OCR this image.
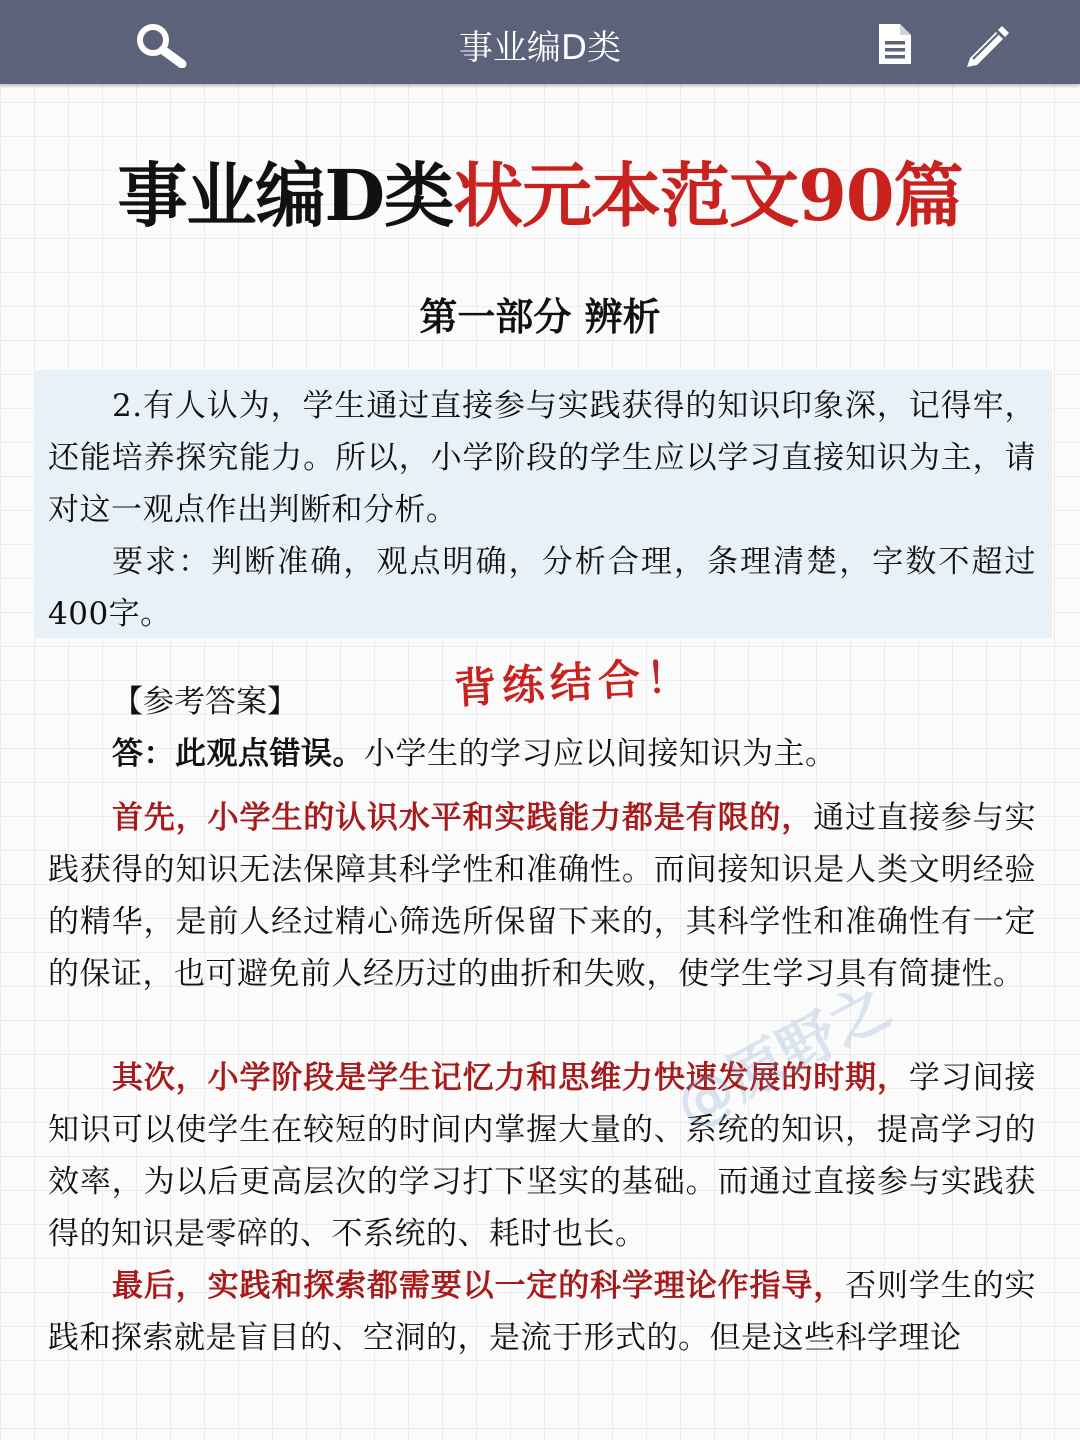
事业编D类
事业编D类状元本范文90篇
第一部分 辨析
2.有人认为，学生通过直接参与实践获得的知识印象深，记得牢，还能培养探究能力。所以，小学阶段的学生应以学习直接知识为主，请对这一观点作出判断和分析。
要求：判断准确，观点明确，分析合理，条理清楚，字数不超过400字。
【参考答案】	背练结合！
答：此观点错误。小学生的学习应以间接知识为主。
首先，小学生的认识水平和实践能力都是有限的，通过直接参与实践获得的知识无法保障其科学性和准确性。而间接知识是人类文明经验的精华，是前人经过精心筛选所保留下来的，其科学性和准确性有一定的保证，也可避免前人经历过的曲折和失败，使学生学习具有简捷性。
其次，小学阶段是学生记忆力和思维力快速发展的时期，学习间接知识可以使学生在较短的时间内掌握大量的、系统的知识，提高学习的效率，为以后更高层次的学习打下坚实的基础。而通过直接参与实践获得的知识是零碎的、不系统的、耗时也长。
最后，实践和探索都需要以一定的科学理论作指导，否则学生的实践和探索就是盲目的、空洞的，是流于形式的。但是这些科学理论
@原野之
